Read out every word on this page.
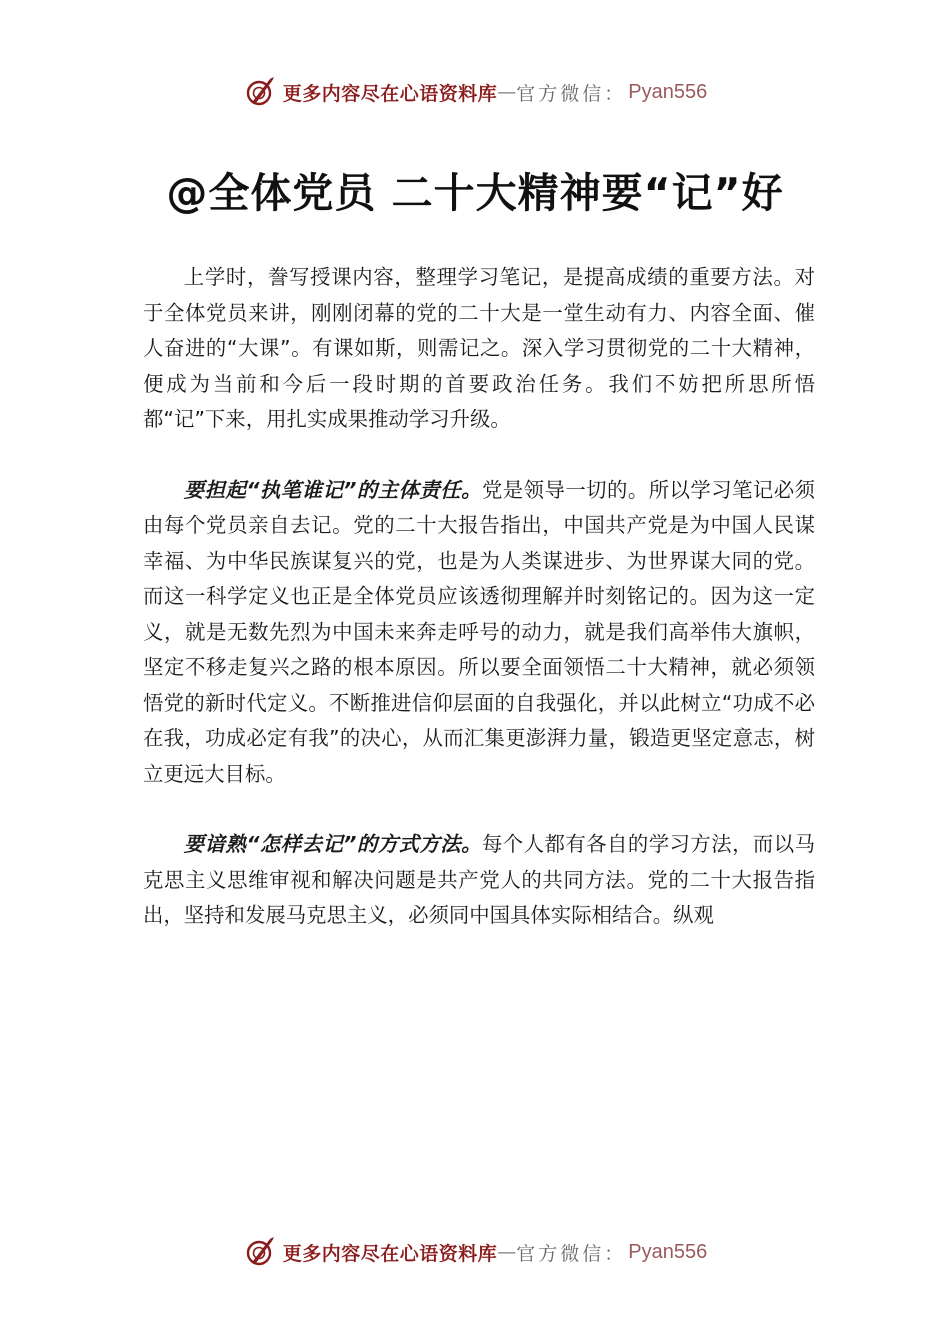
更多内容尽在心语资料库 — 官方微信： Pyan556
@全体党员 二十大精神要“记”好

上学时，誊写授课内容，整理学习笔记，是提高成绩的重要方法。对于全体党员来讲，刚刚闭幕的党的二十大是一堂生动有力、内容全面、催人奋进的“大课”。有课如斯，则需记之。深入学习贯彻党的二十大精神，便成为当前和今后一段时期的首要政治任务。我们不妨把所思所悟都“记”下来，用扎实成果推动学习升级。

要担起“执笔谁记”的主体责任。党是领导一切的。所以学习笔记必须由每个党员亲自去记。党的二十大报告指出，中国共产党是为中国人民谋幸福、为中华民族谋复兴的党，也是为人类谋进步、为世界谋大同的党。而这一科学定义也正是全体党员应该透彻理解并时刻铭记的。因为这一定义，就是无数先烈为中国未来奔走呼号的动力，就是我们高举伟大旗帜，坚定不移走复兴之路的根本原因。所以要全面领悟二十大精神，就必须领悟党的新时代定义。不断推进信仰层面的自我强化，并以此树立“功成不必在我，功成必定有我”的决心，从而汇集更澎湃力量，锻造更坚定意志，树立更远大目标。

要谙熟“怎样去记”的方式方法。每个人都有各自的学习方法，而以马克思主义思维审视和解决问题是共产党人的共同方法。党的二十大报告指出，坚持和发展马克思主义，必须同中国具体实际相结合。纵观

更多内容尽在心语资料库 — 官方微信： Pyan556
